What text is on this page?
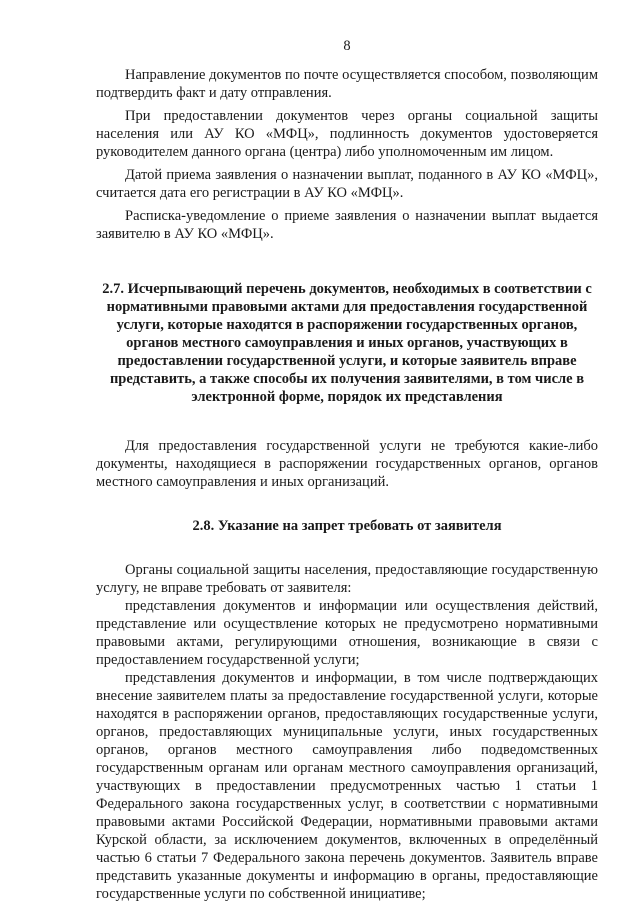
8

Направление документов по почте осуществляется способом, позволяющим подтвердить факт и дату отправления.

При предоставлении документов через органы социальной защиты населения или АУ КО «МФЦ», подлинность документов удостоверяется руководителем данного органа (центра) либо уполномоченным им лицом.

Датой приема заявления о назначении выплат, поданного в АУ КО «МФЦ», считается дата его регистрации в АУ КО «МФЦ».

Расписка-уведомление о приеме заявления о назначении выплат выдается заявителю в АУ КО «МФЦ».

2.7. Исчерпывающий перечень документов, необходимых в соответствии с нормативными правовыми актами для предоставления государственной услуги, которые находятся в распоряжении государственных органов, органов местного самоуправления и иных органов, участвующих в предоставлении государственной услуги, и которые заявитель вправе представить, а также способы их получения заявителями, в том числе в электронной форме, порядок их представления

Для предоставления государственной услуги не требуются какие-либо документы, находящиеся в распоряжении государственных органов, органов местного самоуправления и иных организаций.

2.8. Указание на запрет требовать от заявителя

Органы социальной защиты населения, предоставляющие государственную услугу, не вправе требовать от заявителя:

представления документов и информации или осуществления действий, представление или осуществление которых не предусмотрено нормативными правовыми актами, регулирующими отношения, возникающие в связи с предоставлением государственной услуги;

представления документов и информации, в том числе подтверждающих внесение заявителем платы за предоставление государственной услуги, которые находятся в распоряжении органов, предоставляющих государственные услуги, органов, предоставляющих муниципальные услуги, иных государственных органов, органов местного самоуправления либо подведомственных государственным органам или органам местного самоуправления организаций, участвующих в предоставлении предусмотренных частью 1 статьи 1 Федерального закона государственных услуг, в соответствии с нормативными правовыми актами Российской Федерации, нормативными правовыми актами Курской области, за исключением документов, включенных в определённый частью 6 статьи 7 Федерального закона перечень документов. Заявитель вправе представить указанные документы и информацию в органы, предоставляющие государственные услуги по собственной инициативе;
